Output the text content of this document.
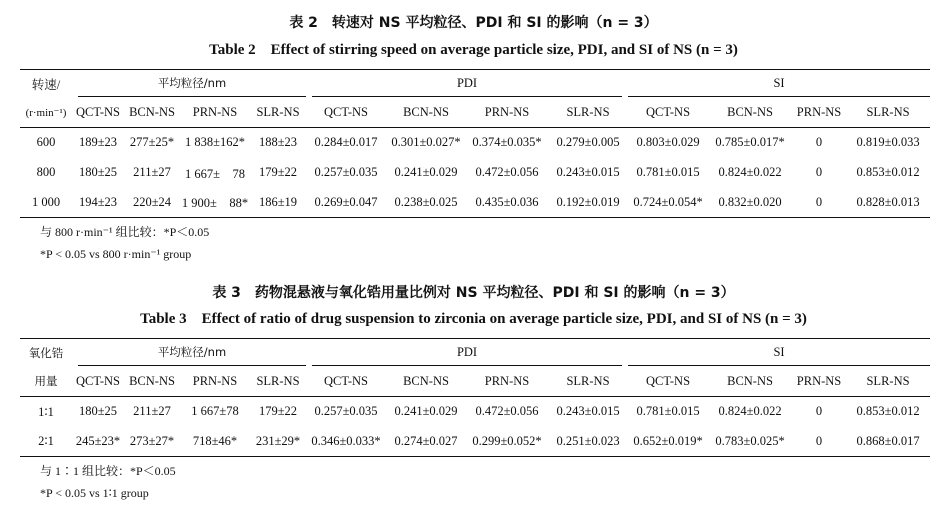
表 2　转速对 NS 平均粒径、PDI 和 SI 的影响（n = 3）
Table 2　Effect of stirring speed on average particle size, PDI, and SI of NS (n = 3)
转速/	平均粒径/nm				PDI				SI			

(r·min⁻¹)	QCT-NS	BCN-NS	PRN-NS	SLR-NS	QCT-NS	BCN-NS	PRN-NS	SLR-NS	QCT-NS	BCN-NS	PRN-NS	SLR-NS
600	189±23	277±25*	1 838±162*	188±23	0.284±0.017	0.301±0.027*	0.374±0.035*	0.279±0.005	0.803±0.029	0.785±0.017*	0	0.819±0.033
800	180±25	211±27	1 667±　78	179±22	0.257±0.035	0.241±0.029	0.472±0.056	0.243±0.015	0.781±0.015	0.824±0.022	0	0.853±0.012
1 000	194±23	220±24	1 900±　88*	186±19	0.269±0.047	0.238±0.025	0.435±0.036	0.192±0.019	0.724±0.054*	0.832±0.020	0	0.828±0.013
与 800 r·min⁻¹ 组比较：*P＜0.05
*P < 0.05 vs 800 r·min⁻¹ group
表 3　药物混悬液与氧化锆用量比例对 NS 平均粒径、PDI 和 SI 的影响（n = 3）
Table 3　Effect of ratio of drug suspension to zirconia on average particle size, PDI, and SI of NS (n = 3)
氧化锆	平均粒径/nm				PDI				SI			

用量	QCT-NS	BCN-NS	PRN-NS	SLR-NS	QCT-NS	BCN-NS	PRN-NS	SLR-NS	QCT-NS	BCN-NS	PRN-NS	SLR-NS
1∶1	180±25	211±27	1 667±78	179±22	0.257±0.035	0.241±0.029	0.472±0.056	0.243±0.015	0.781±0.015	0.824±0.022	0	0.853±0.012
2∶1	245±23*	273±27*	718±46*	231±29*	0.346±0.033*	0.274±0.027	0.299±0.052*	0.251±0.023	0.652±0.019*	0.783±0.025*	0	0.868±0.017
与 1∶1 组比较：*P＜0.05
*P < 0.05 vs 1∶1 group
